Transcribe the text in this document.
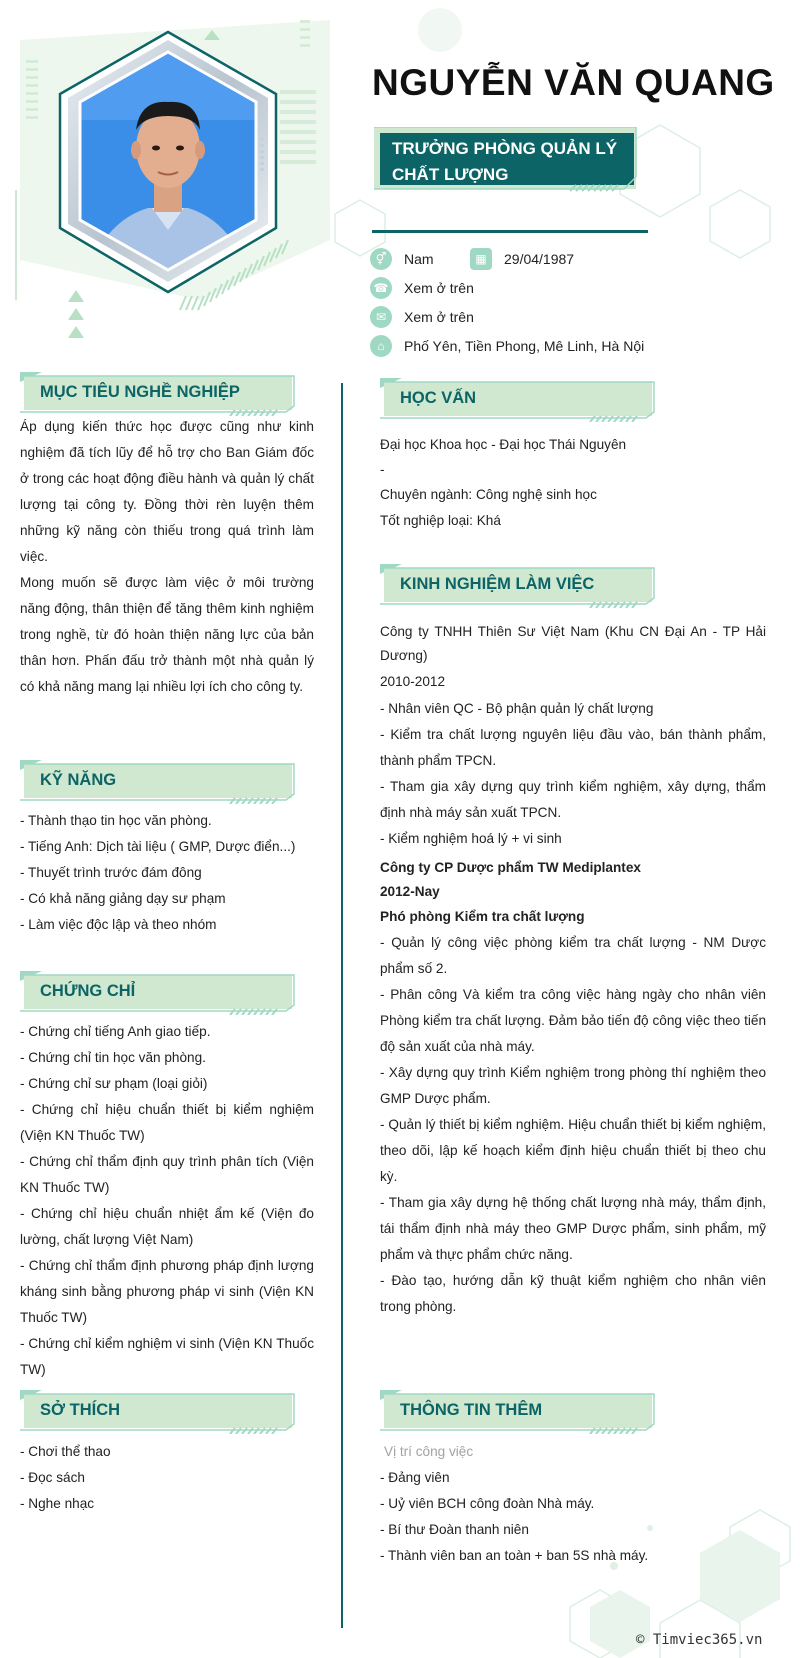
NGUYỄN VĂN QUANG
TRƯỞNG PHÒNG QUẢN LÝ CHẤT LƯỢNG
⚥	Nam	▦	29/04/1987
☎ Xem ở trên
✉	Xem ở trên
⌂	Phố Yên, Tiền Phong, Mê Linh, Hà Nội
MỤC TIÊU NGHỀ NGHIỆP

Áp dụng kiến thức học được cũng như kinh nghiệm đã tích lũy để hỗ trợ cho Ban Giám đốc ở trong các hoạt động điều hành và quản lý chất lượng tại công ty. Đồng thời rèn luyện thêm những kỹ năng còn thiếu trong quá trình làm việc.

Mong muốn sẽ được làm việc ở môi trường năng động, thân thiện để tăng thêm kinh nghiệm trong nghề, từ đó hoàn thiện năng lực của bản thân hơn. Phấn đấu trở thành một nhà quản lý có khả năng mang lại nhiều lợi ích cho công ty.

KỸ NĂNG
- Thành thạo tin học văn phòng.
- Tiếng Anh: Dịch tài liệu ( GMP, Dược điển...)
- Thuyết trình trước đám đông
- Có khả năng giảng dạy sư phạm
- Làm việc độc lập và theo nhóm
CHỨNG CHỈ
- Chứng chỉ tiếng Anh giao tiếp.
- Chứng chỉ tin học văn phòng.
- Chứng chỉ sư phạm (loại giỏi)
- Chứng chỉ hiệu chuẩn thiết bị kiểm nghiệm (Viện KN Thuốc TW)
- Chứng chỉ thẩm định quy trình phân tích (Viện KN Thuốc TW)
- Chứng chỉ hiệu chuẩn nhiệt ẩm kế (Viện đo lường, chất lượng Việt Nam)
- Chứng chỉ thẩm định phương pháp định lượng kháng sinh bằng phương pháp vi sinh (Viện KN Thuốc TW)
- Chứng chỉ kiểm nghiệm vi sinh (Viện KN Thuốc TW)
SỞ THÍCH
- Chơi thể thao
- Đọc sách
- Nghe nhạc
HỌC VẤN
Đại học Khoa học - Đại học Thái Nguyên
-
Chuyên ngành: Công nghệ sinh học
Tốt nghiệp loại: Khá
KINH NGHIỆM LÀM VIỆC
Công ty TNHH Thiên Sư Việt Nam (Khu CN Đại An - TP Hải Dương)
2010-2012
- Nhân viên QC - Bộ phận quản lý chất lượng
- Kiểm tra chất lượng nguyên liệu đầu vào, bán thành phẩm, thành phẩm TPCN.
- Tham gia xây dựng quy trình kiểm nghiệm, xây dựng, thẩm định nhà máy sản xuất TPCN.
- Kiểm nghiệm hoá lý + vi sinh
Công ty CP Dược phẩm TW Mediplantex
2012-Nay
Phó phòng Kiểm tra chất lượng
- Quản lý công việc phòng kiểm tra chất lượng - NM Dược phẩm số 2.
- Phân công Và kiểm tra công việc hàng ngày cho nhân viên Phòng kiểm tra chất lượng. Đảm bảo tiến độ công việc theo tiến độ sản xuất của nhà máy.
- Xây dựng quy trình Kiểm nghiệm trong phòng thí nghiệm theo GMP Dược phẩm.
- Quản lý thiết bị kiểm nghiệm. Hiệu chuẩn thiết bị kiểm nghiệm, theo dõi, lập kế hoạch kiểm định hiệu chuẩn thiết bị theo chu kỳ.
- Tham gia xây dựng hệ thống chất lượng nhà máy, thẩm định, tái thẩm định nhà máy theo GMP Dược phẩm, sinh phẩm, mỹ phẩm và thực phẩm chức năng.
- Đào tạo, hướng dẫn kỹ thuật kiểm nghiệm cho nhân viên trong phòng.
THÔNG TIN THÊM
Vị trí công việc
- Đảng viên
- Uỷ viên BCH công đoàn Nhà máy.
- Bí thư Đoàn thanh niên
- Thành viên ban an toàn + ban 5S nhà máy.
© Timviec365.vn
